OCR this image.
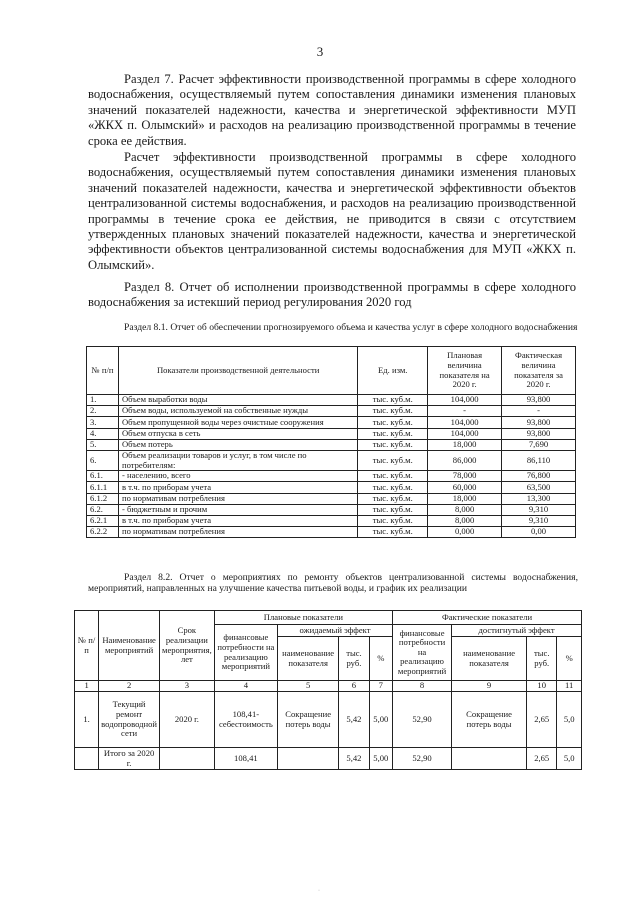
3

Раздел 7. Расчет эффективности производственной программы в сфере холодного водоснабжения, осуществляемый путем сопоставления динамики изменения плановых значений показателей надежности, качества и энергетической эффективности МУП «ЖКХ п. Олымский» и расходов на реализацию производственной программы в течение срока ее действия.

Расчет эффективности производственной программы в сфере холодного водоснабжения, осуществляемый путем сопоставления динамики изменения плановых значений показателей надежности, качества и энергетической эффективности объектов централизованной системы водоснабжения, и расходов на реализацию производственной программы в течение срока ее действия, не приводится в связи с отсутствием утвержденных плановых значений показателей надежности, качества и энергетической эффективности объектов централизованной системы водоснабжения для МУП «ЖКХ п. Олымский».

Раздел 8. Отчет об исполнении производственной программы в сфере холодного водоснабжения за истекший период регулирования 2020 год

Раздел 8.1. Отчет об обеспечении прогнозируемого объема и качества услуг в сфере холодного водоснабжения

№ п/п	Показатели производственной деятельности	Ед. изм.	Плановая величина показателя на 2020 г.	Фактическая величина показателя за 2020 г.
1.	Объем выработки воды	тыс. куб.м.	104,000	93,800
2.	Объем воды, используемой на собственные нужды	тыс. куб.м.	-	-
3.	Объем пропущенной воды через очистные сооружения	тыс. куб.м.	104,000	93,800
4.	Объем отпуска в сеть	тыс. куб.м.	104,000	93,800
5.	Объем потерь	тыс. куб.м.	18,000	7,690
6.	Объем реализации товаров и услуг, в том числе по потребителям:	тыс. куб.м.	86,000	86,110
6.1.	- населению, всего	тыс. куб.м.	78,000	76,800
6.1.1	в т.ч. по приборам учета	тыс. куб.м.	60,000	63,500
6.1.2	по нормативам потребления	тыс. куб.м.	18,000	13,300
6.2.	- бюджетным и прочим	тыс. куб.м.	8,000	9,310
6.2.1	в т.ч. по приборам учета	тыс. куб.м.	8,000	9,310
6.2.2	по нормативам потребления	тыс. куб.м.	0,000	0,00

Раздел 8.2. Отчет о мероприятиях по ремонту объектов централизованной системы водоснабжения, мероприятий, направленных на улучшение качества питьевой воды, и график их реализации

№ п/п	Наименование мероприятий	Срок реализации мероприятия, лет	Плановые показатели				Фактические показатели			
			финансовые потребности на реализацию мероприятий	ожидаемый эффект			финансовые потребности на реализацию мероприятий	достигнутый эффект		
				наименование показателя	тыс. руб.	%		наименование показателя	тыс. руб.	%
1	2	3	4	5	6	7	8	9	10	11
1.	Текущий ремонт водопроводной сети	2020 г.	108,41-себестоимость	Сокращение потерь воды	5,42	5,00	52,90	Сокращение потерь воды	2,65	5,0
	Итого за 2020 г.		108,41		5,42	5,00	52,90		2,65	5,0
·
